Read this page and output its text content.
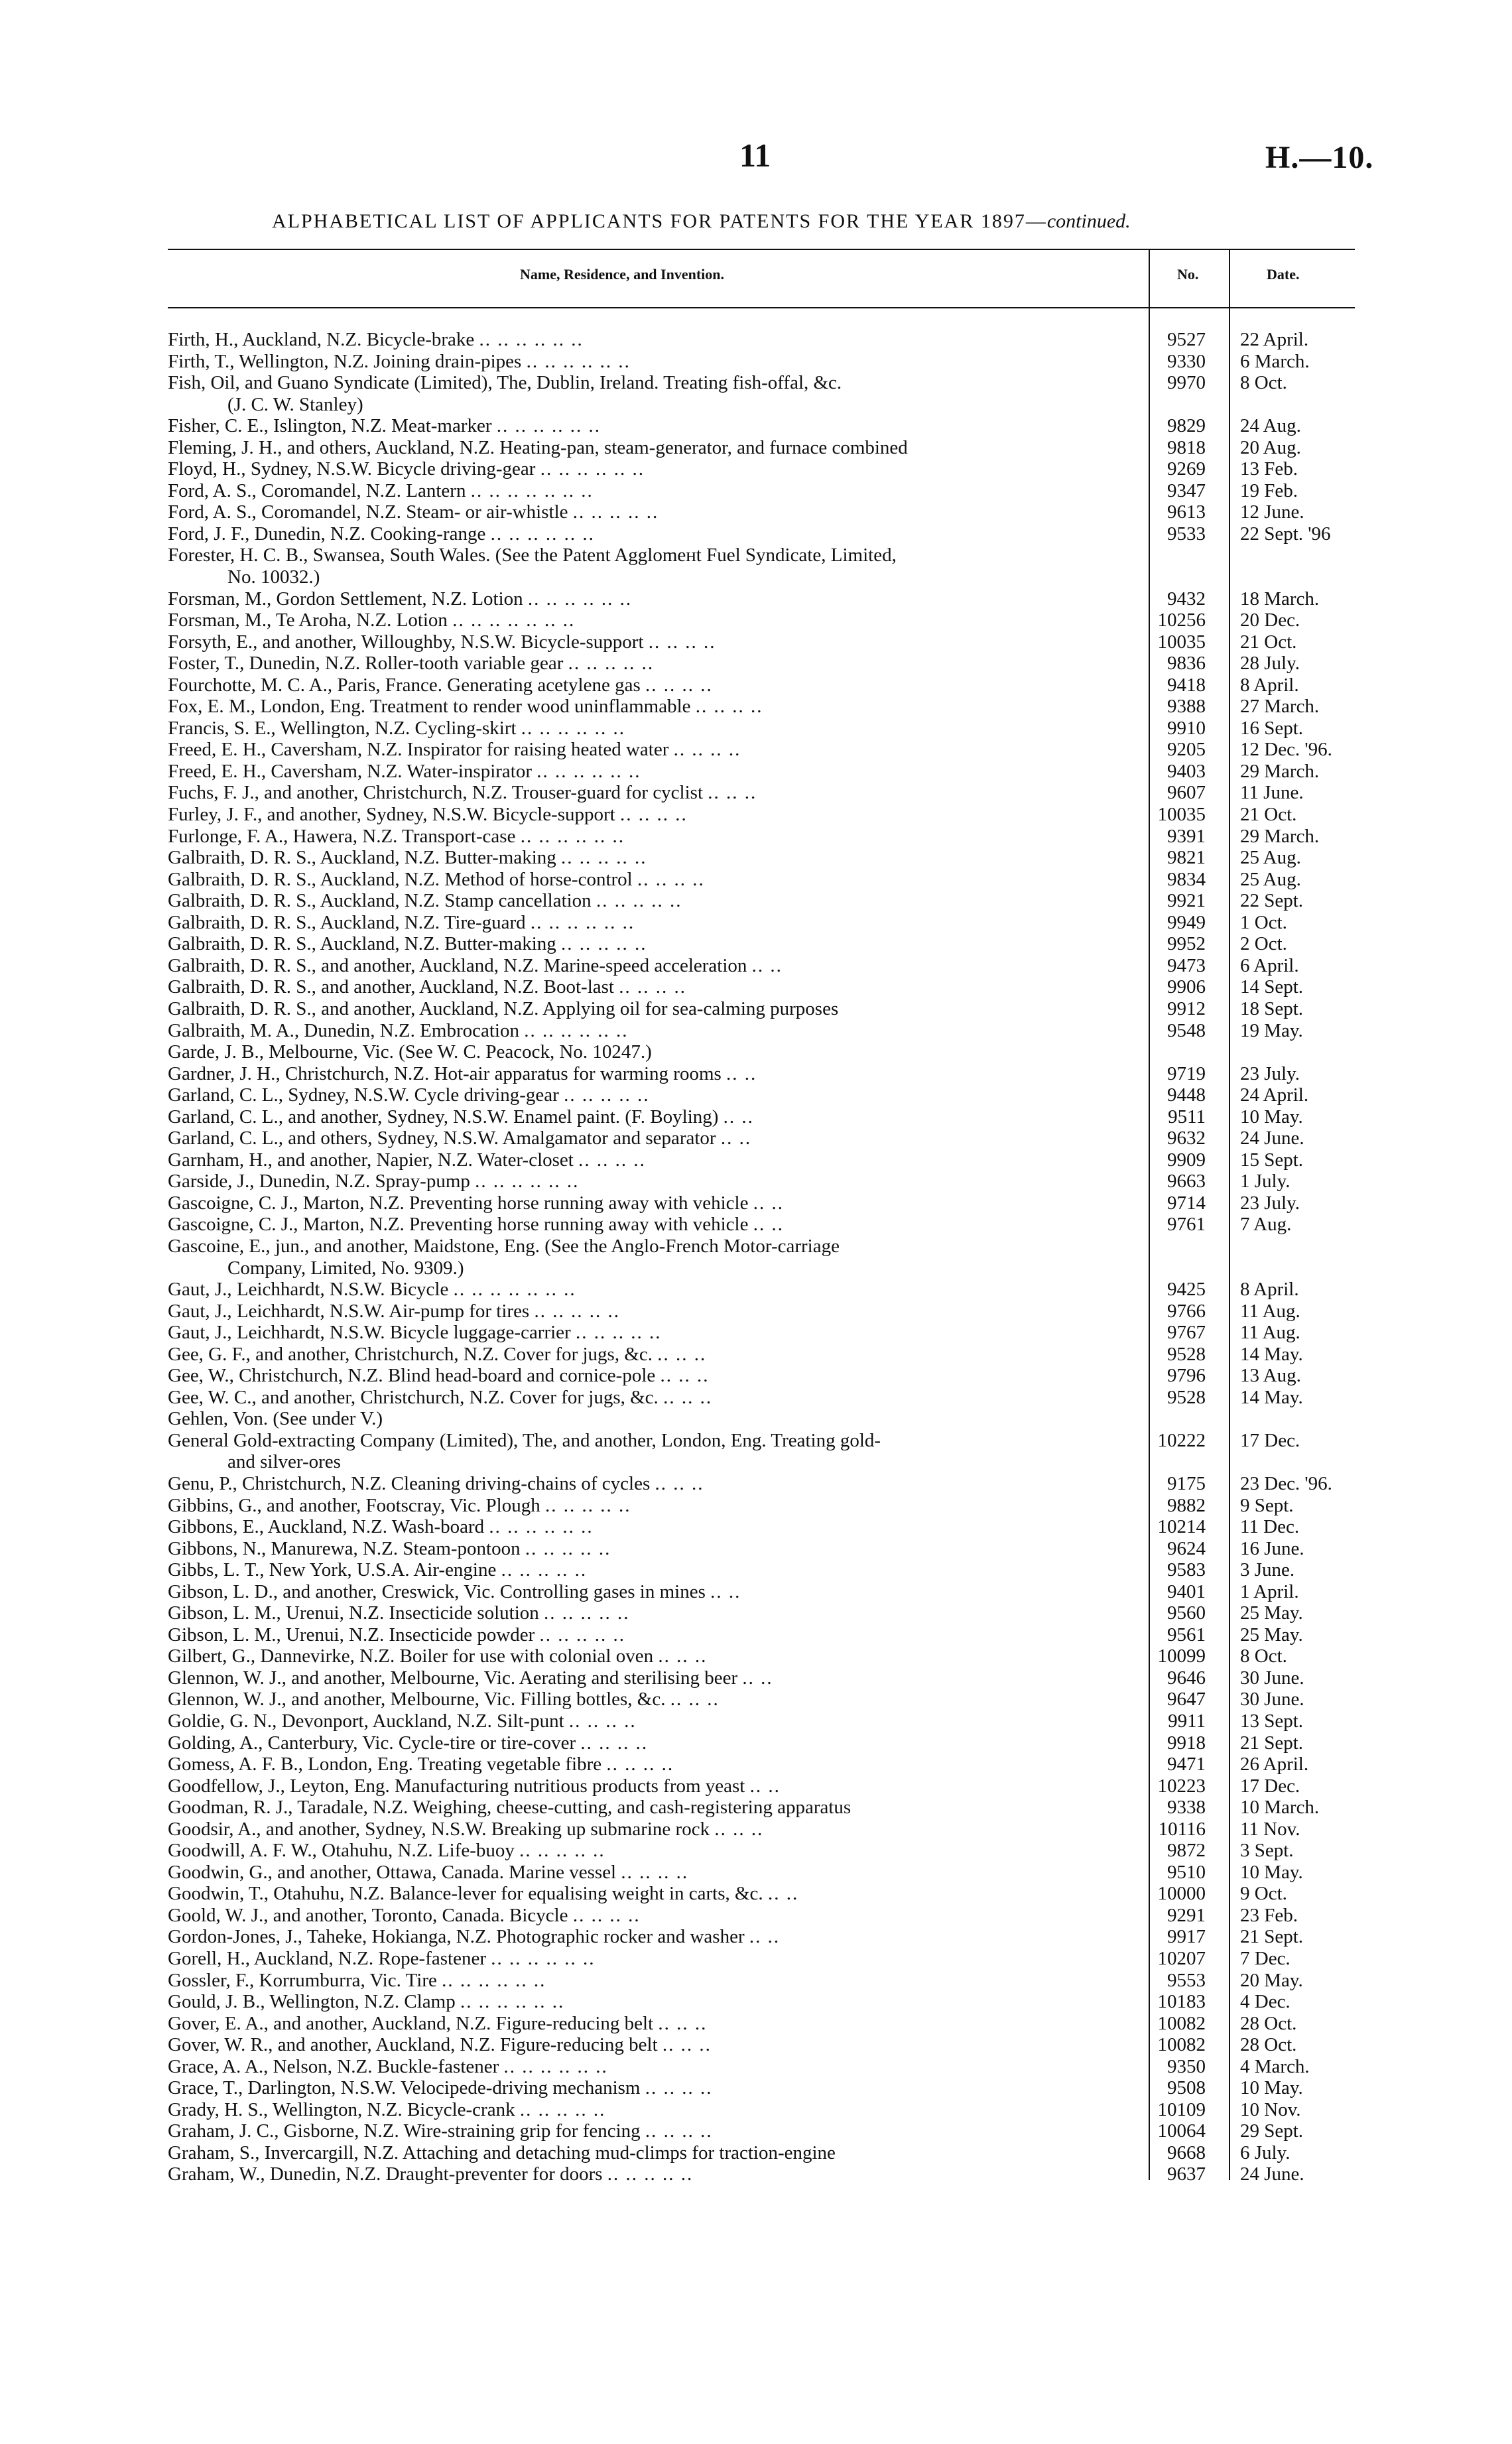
11	H.—10.
ALPHABETICAL LIST OF APPLICANTS FOR PATENTS FOR THE YEAR 1897—continued.
Name, Residence, and Invention.	No.	Date.
Firth, H., Auckland, N.Z. Bicycle-brake .. .. .. .. .. ..	9527 22 April.
Firth, T., Wellington, N.Z. Joining drain-pipes .. .. .. .. .. ..	9330 6 March.
Fish, Oil, and Guano Syndicate (Limited), The, Dublin, Ireland. Treating fish-offal, &c.	9970 8 Oct.
(J. C. W. Stanley)
Fisher, C. E., Islington, N.Z. Meat-marker .. .. .. .. .. ..	9829 24 Aug.
Fleming, J. H., and others, Auckland, N.Z. Heating-pan, steam-generator, and furnace combined	9818 20 Aug.
Floyd, H., Sydney, N.S.W. Bicycle driving-gear .. .. .. .. .. ..	9269 13 Feb.
Ford, A. S., Coromandel, N.Z. Lantern .. .. .. .. .. .. ..	9347 19 Feb.
Ford, A. S., Coromandel, N.Z. Steam- or air-whistle .. .. .. .. ..	9613 12 June.
Ford, J. F., Dunedin, N.Z. Cooking-range .. .. .. .. .. ..	9533 22 Sept. '96
Forester, H. C. B., Swansea, South Wales. (See the Patent Agglomeнt Fuel Syndicate, Limited,
No. 10032.)
Forsman, M., Gordon Settlement, N.Z. Lotion .. .. .. .. .. ..	9432 18 March.
Forsman, M., Te Aroha, N.Z. Lotion .. .. .. .. .. .. ..	10256 20 Dec.
Forsyth, E., and another, Willoughby, N.S.W. Bicycle-support .. .. .. ..	10035 21 Oct.
Foster, T., Dunedin, N.Z. Roller-tooth variable gear .. .. .. .. ..	9836 28 July.
Fourchotte, M. C. A., Paris, France. Generating acetylene gas .. .. .. ..	9418 8 April.
Fox, E. M., London, Eng. Treatment to render wood uninflammable .. .. .. ..	9388 27 March.
Francis, S. E., Wellington, N.Z. Cycling-skirt .. .. .. .. .. ..	9910 16 Sept.
Freed, E. H., Caversham, N.Z. Inspirator for raising heated water .. .. .. ..	9205 12 Dec. '96.
Freed, E. H., Caversham, N.Z. Water-inspirator .. .. .. .. .. ..	9403 29 March.
Fuchs, F. J., and another, Christchurch, N.Z. Trouser-guard for cyclist .. .. ..	9607 11 June.
Furley, J. F., and another, Sydney, N.S.W. Bicycle-support .. .. .. ..	10035 21 Oct.
Furlonge, F. A., Hawera, N.Z. Transport-case .. .. .. .. .. ..	9391 29 March.
Galbraith, D. R. S., Auckland, N.Z. Butter-making .. .. .. .. ..	9821 25 Aug.
Galbraith, D. R. S., Auckland, N.Z. Method of horse-control .. .. .. ..	9834 25 Aug.
Galbraith, D. R. S., Auckland, N.Z. Stamp cancellation .. .. .. .. ..	9921 22 Sept.
Galbraith, D. R. S., Auckland, N.Z. Tire-guard .. .. .. .. .. ..	9949 1 Oct.
Galbraith, D. R. S., Auckland, N.Z. Butter-making .. .. .. .. ..	9952 2 Oct.
Galbraith, D. R. S., and another, Auckland, N.Z. Marine-speed acceleration .. ..	9473 6 April.
Galbraith, D. R. S., and another, Auckland, N.Z. Boot-last .. .. .. ..	9906 14 Sept.
Galbraith, D. R. S., and another, Auckland, N.Z. Applying oil for sea-calming purposes	9912 18 Sept.
Galbraith, M. A., Dunedin, N.Z. Embrocation .. .. .. .. .. ..	9548 19 May.
Garde, J. B., Melbourne, Vic. (See W. C. Peacock, No. 10247.)
Gardner, J. H., Christchurch, N.Z. Hot-air apparatus for warming rooms .. ..	9719 23 July.
Garland, C. L., Sydney, N.S.W. Cycle driving-gear .. .. .. .. ..	9448 24 April.
Garland, C. L., and another, Sydney, N.S.W. Enamel paint. (F. Boyling) .. ..	9511 10 May.
Garland, C. L., and others, Sydney, N.S.W. Amalgamator and separator .. ..	9632 24 June.
Garnham, H., and another, Napier, N.Z. Water-closet .. .. .. ..	9909 15 Sept.
Garside, J., Dunedin, N.Z. Spray-pump .. .. .. .. .. ..	9663 1 July.
Gascoigne, C. J., Marton, N.Z. Preventing horse running away with vehicle .. ..	9714 23 July.
Gascoigne, C. J., Marton, N.Z. Preventing horse running away with vehicle .. ..	9761 7 Aug.
Gascoine, E., jun., and another, Maidstone, Eng. (See the Anglo-French Motor-carriage
Company, Limited, No. 9309.)
Gaut, J., Leichhardt, N.S.W. Bicycle .. .. .. .. .. .. ..	9425 8 April.
Gaut, J., Leichhardt, N.S.W. Air-pump for tires .. .. .. .. ..	9766 11 Aug.
Gaut, J., Leichhardt, N.S.W. Bicycle luggage-carrier .. .. .. .. ..	9767 11 Aug.
Gee, G. F., and another, Christchurch, N.Z. Cover for jugs, &c. .. .. ..	9528 14 May.
Gee, W., Christchurch, N.Z. Blind head-board and cornice-pole .. .. ..	9796 13 Aug.
Gee, W. C., and another, Christchurch, N.Z. Cover for jugs, &c. .. .. ..	9528 14 May.
Gehlen, Von. (See under V.)
General Gold-extracting Company (Limited), The, and another, London, Eng. Treating gold-	10222 17 Dec.
and silver-ores
Genu, P., Christchurch, N.Z. Cleaning driving-chains of cycles .. .. ..	9175 23 Dec. '96.
Gibbins, G., and another, Footscray, Vic. Plough .. .. .. .. ..	9882 9 Sept.
Gibbons, E., Auckland, N.Z. Wash-board .. .. .. .. .. ..	10214 11 Dec.
Gibbons, N., Manurewa, N.Z. Steam-pontoon .. .. .. .. ..	9624 16 June.
Gibbs, L. T., New York, U.S.A. Air-engine .. .. .. .. ..	9583 3 June.
Gibson, L. D., and another, Creswick, Vic. Controlling gases in mines .. ..	9401 1 April.
Gibson, L. M., Urenui, N.Z. Insecticide solution .. .. .. .. ..	9560 25 May.
Gibson, L. M., Urenui, N.Z. Insecticide powder .. .. .. .. ..	9561 25 May.
Gilbert, G., Dannevirke, N.Z. Boiler for use with colonial oven .. .. ..	10099 8 Oct.
Glennon, W. J., and another, Melbourne, Vic. Aerating and sterilising beer .. ..	9646 30 June.
Glennon, W. J., and another, Melbourne, Vic. Filling bottles, &c. .. .. ..	9647 30 June.
Goldie, G. N., Devonport, Auckland, N.Z. Silt-punt .. .. .. ..	9911 13 Sept.
Golding, A., Canterbury, Vic. Cycle-tire or tire-cover .. .. .. ..	9918 21 Sept.
Gomess, A. F. B., London, Eng. Treating vegetable fibre .. .. .. ..	9471 26 April.
Goodfellow, J., Leyton, Eng. Manufacturing nutritious products from yeast .. ..	10223 17 Dec.
Goodman, R. J., Taradale, N.Z. Weighing, cheese-cutting, and cash-registering apparatus	9338 10 March.
Goodsir, A., and another, Sydney, N.S.W. Breaking up submarine rock .. .. ..	10116 11 Nov.
Goodwill, A. F. W., Otahuhu, N.Z. Life-buoy .. .. .. .. ..	9872 3 Sept.
Goodwin, G., and another, Ottawa, Canada. Marine vessel .. .. .. ..	9510 10 May.
Goodwin, T., Otahuhu, N.Z. Balance-lever for equalising weight in carts, &c. .. ..	10000 9 Oct.
Goold, W. J., and another, Toronto, Canada. Bicycle .. .. .. ..	9291 23 Feb.
Gordon-Jones, J., Taheke, Hokianga, N.Z. Photographic rocker and washer .. ..	9917 21 Sept.
Gorell, H., Auckland, N.Z. Rope-fastener .. .. .. .. .. ..	10207 7 Dec.
Gossler, F., Korrumburra, Vic. Tire .. .. .. .. .. ..	9553 20 May.
Gould, J. B., Wellington, N.Z. Clamp .. .. .. .. .. ..	10183 4 Dec.
Gover, E. A., and another, Auckland, N.Z. Figure-reducing belt .. .. ..	10082 28 Oct.
Gover, W. R., and another, Auckland, N.Z. Figure-reducing belt .. .. ..	10082 28 Oct.
Grace, A. A., Nelson, N.Z. Buckle-fastener .. .. .. .. .. ..	9350 4 March.
Grace, T., Darlington, N.S.W. Velocipede-driving mechanism .. .. .. ..	9508 10 May.
Grady, H. S., Wellington, N.Z. Bicycle-crank .. .. .. .. ..	10109 10 Nov.
Graham, J. C., Gisborne, N.Z. Wire-straining grip for fencing .. .. .. ..	10064 29 Sept.
Graham, S., Invercargill, N.Z. Attaching and detaching mud-climps for traction-engine	9668 6 July.
Graham, W., Dunedin, N.Z. Draught-preventer for doors .. .. .. .. ..	9637 24 June.
